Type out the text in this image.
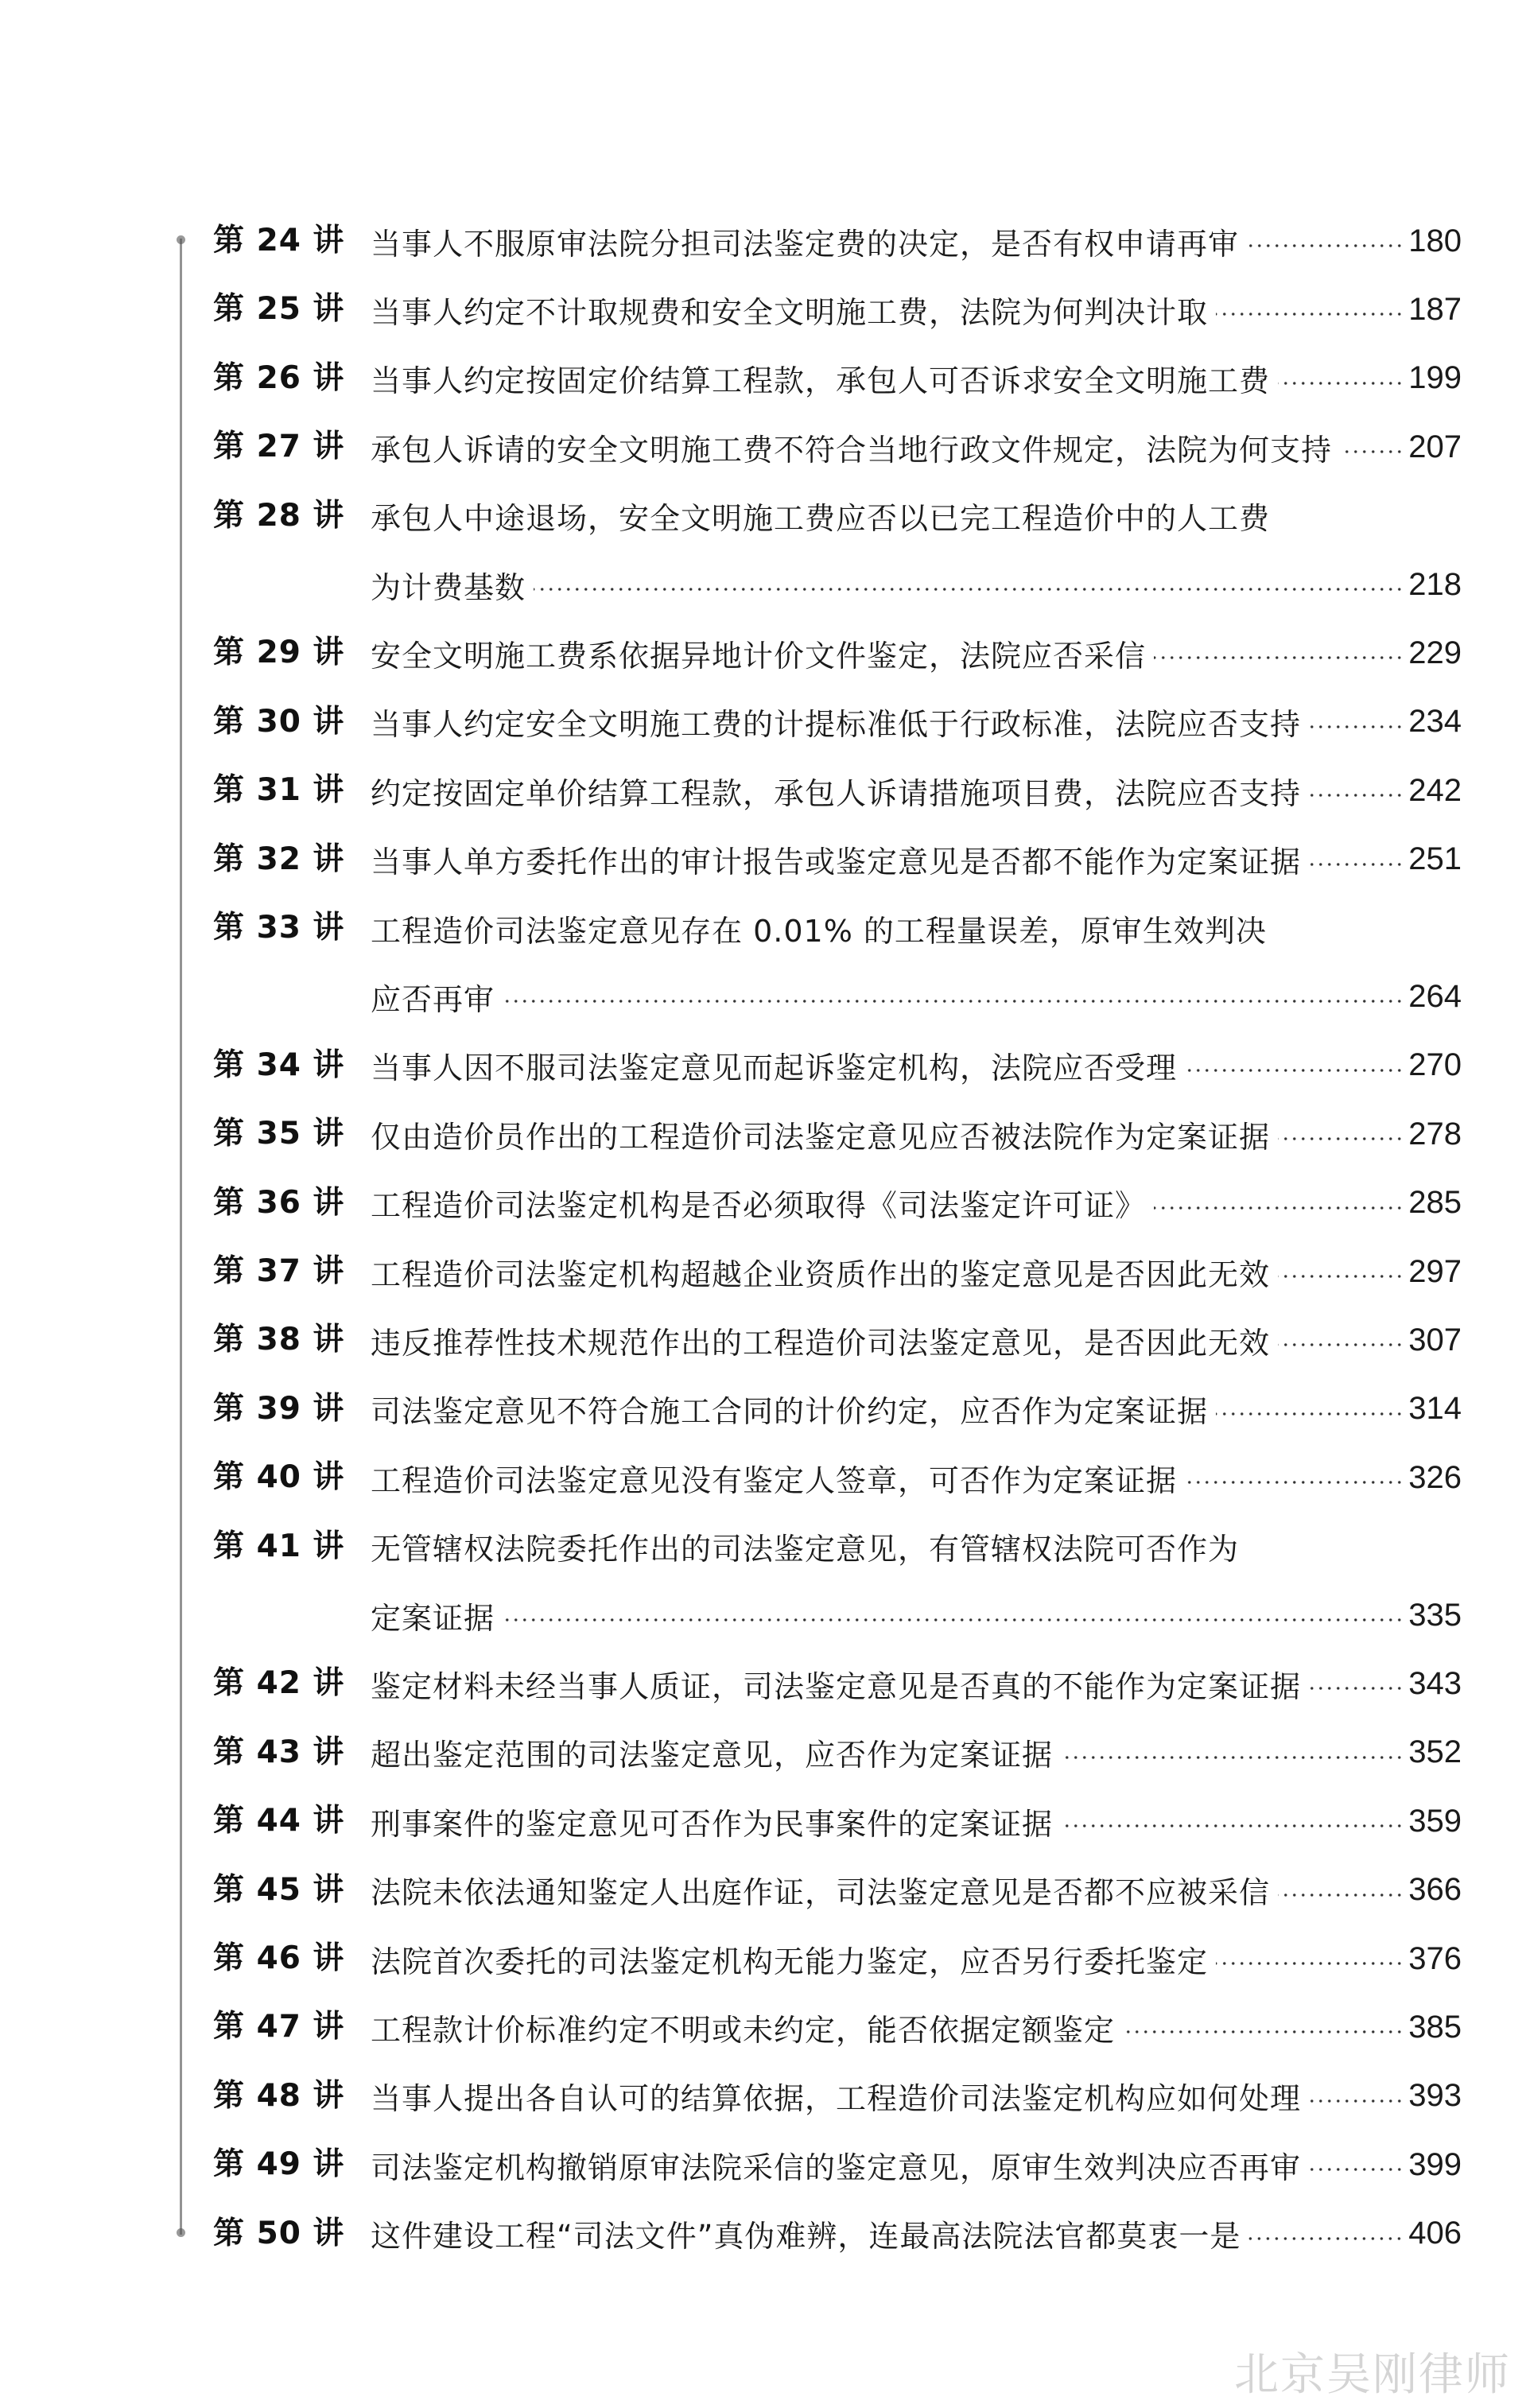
第 24 讲 当事人不服原审法院分担司法鉴定费的决定，是否有权申请再审	180
第 25 讲 当事人约定不计取规费和安全文明施工费，法院为何判决计取	187
第 26 讲 当事人约定按固定价结算工程款，承包人可否诉求安全文明施工费	199
第 27 讲 承包人诉请的安全文明施工费不符合当地行政文件规定，法院为何支持 207
第 28 讲 承包人中途退场，安全文明施工费应否以已完工程造价中的人工费
为计费基数	218
第 29 讲 安全文明施工费系依据异地计价文件鉴定，法院应否采信	229
第 30 讲 当事人约定安全文明施工费的计提标准低于行政标准，法院应否支持	234
第 31 讲 约定按固定单价结算工程款，承包人诉请措施项目费，法院应否支持	242
第 32 讲 当事人单方委托作出的审计报告或鉴定意见是否都不能作为定案证据	251
第 33 讲 工程造价司法鉴定意见存在 0.01% 的工程量误差，原审生效判决
应否再审	264
第 34 讲 当事人因不服司法鉴定意见而起诉鉴定机构，法院应否受理	270
第 35 讲 仅由造价员作出的工程造价司法鉴定意见应否被法院作为定案证据	278
第 36 讲 工程造价司法鉴定机构是否必须取得《司法鉴定许可证》	285
第 37 讲 工程造价司法鉴定机构超越企业资质作出的鉴定意见是否因此无效	297
第 38 讲 违反推荐性技术规范作出的工程造价司法鉴定意见，是否因此无效	307
第 39 讲 司法鉴定意见不符合施工合同的计价约定，应否作为定案证据	314
第 40 讲 工程造价司法鉴定意见没有鉴定人签章，可否作为定案证据	326
第 41 讲 无管辖权法院委托作出的司法鉴定意见，有管辖权法院可否作为
定案证据	335
第 42 讲 鉴定材料未经当事人质证，司法鉴定意见是否真的不能作为定案证据	343
第 43 讲 超出鉴定范围的司法鉴定意见，应否作为定案证据	352
第 44 讲 刑事案件的鉴定意见可否作为民事案件的定案证据	359
第 45 讲 法院未依法通知鉴定人出庭作证，司法鉴定意见是否都不应被采信	366
第 46 讲 法院首次委托的司法鉴定机构无能力鉴定，应否另行委托鉴定	376
第 47 讲 工程款计价标准约定不明或未约定，能否依据定额鉴定	385
第 48 讲 当事人提出各自认可的结算依据，工程造价司法鉴定机构应如何处理	393
第 49 讲 司法鉴定机构撤销原审法院采信的鉴定意见，原审生效判决应否再审	399
第 50 讲 这件建设工程“司法文件”真伪难辨，连最高法院法官都莫衷一是	406
北京吴刚律师
